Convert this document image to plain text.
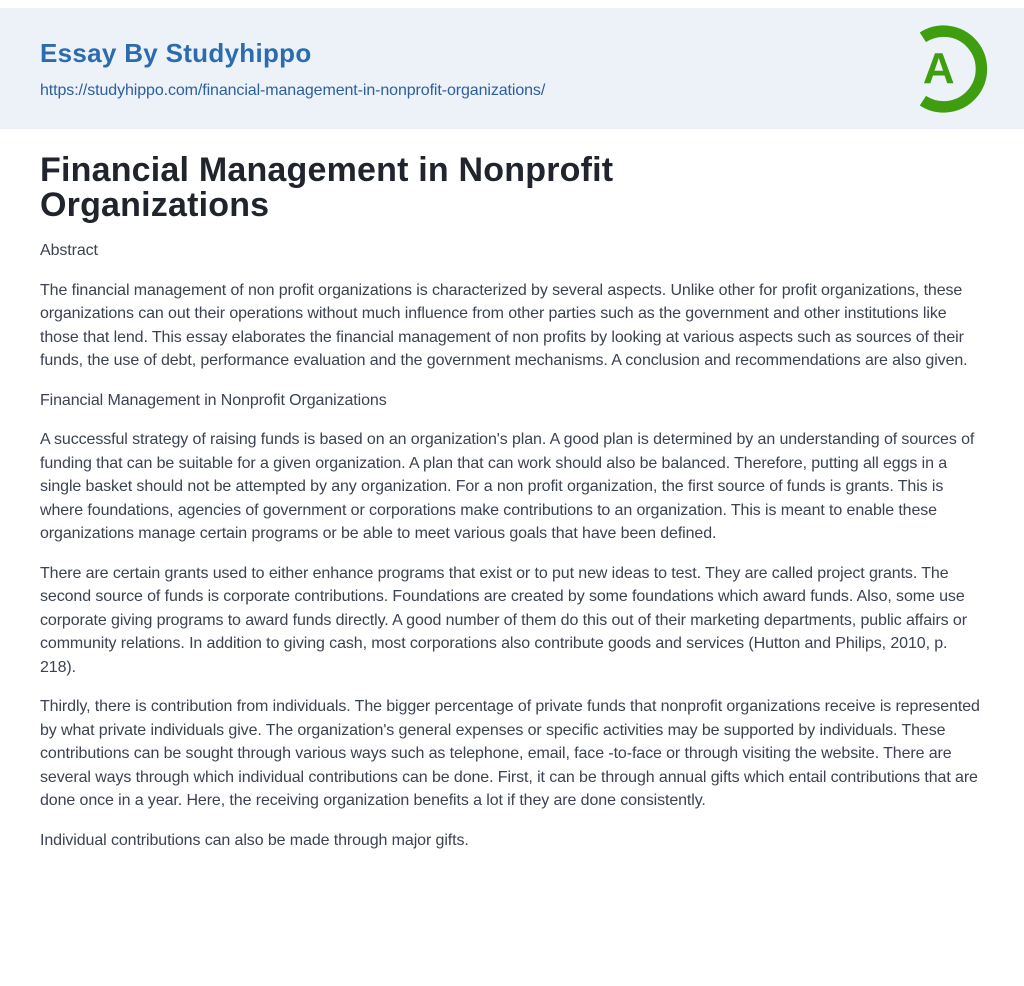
Essay By Studyhippo
https://studyhippo.com/financial-management-in-nonprofit-organizations/	A
Financial Management in Nonprofit Organizations

Abstract

The financial management of non profit organizations is characterized by several aspects. Unlike other for profit organizations, these organizations can out their operations without much influence from other parties such as the government and other institutions like those that lend. This essay elaborates the financial management of non profits by looking at various aspects such as sources of their funds, the use of debt, performance evaluation and the government mechanisms. A conclusion and recommendations are also given.

Financial Management in Nonprofit Organizations

A successful strategy of raising funds is based on an organization's plan. A good plan is determined by an understanding of sources of funding that can be suitable for a given organization. A plan that can work should also be balanced. Therefore, putting all eggs in a single basket should not be attempted by any organization. For a non profit organization, the first source of funds is grants. This is where foundations, agencies of government or corporations make contributions to an organization. This is meant to enable these organizations manage certain programs or be able to meet various goals that have been defined.

There are certain grants used to either enhance programs that exist or to put new ideas to test. They are called project grants. The second source of funds is corporate contributions. Foundations are created by some foundations which award funds. Also, some use corporate giving programs to award funds directly. A good number of them do this out of their marketing departments, public affairs or community relations. In addition to giving cash, most corporations also contribute goods and services (Hutton and Philips, 2010, p. 218).

Thirdly, there is contribution from individuals. The bigger percentage of private funds that nonprofit organizations receive is represented by what private individuals give. The organization's general expenses or specific activities may be supported by individuals. These contributions can be sought through various ways such as telephone, email, face -to-face or through visiting the website. There are several ways through which individual contributions can be done. First, it can be through annual gifts which entail contributions that are done once in a year. Here, the receiving organization benefits a lot if they are done consistently.

Individual contributions can also be made through major gifts.
